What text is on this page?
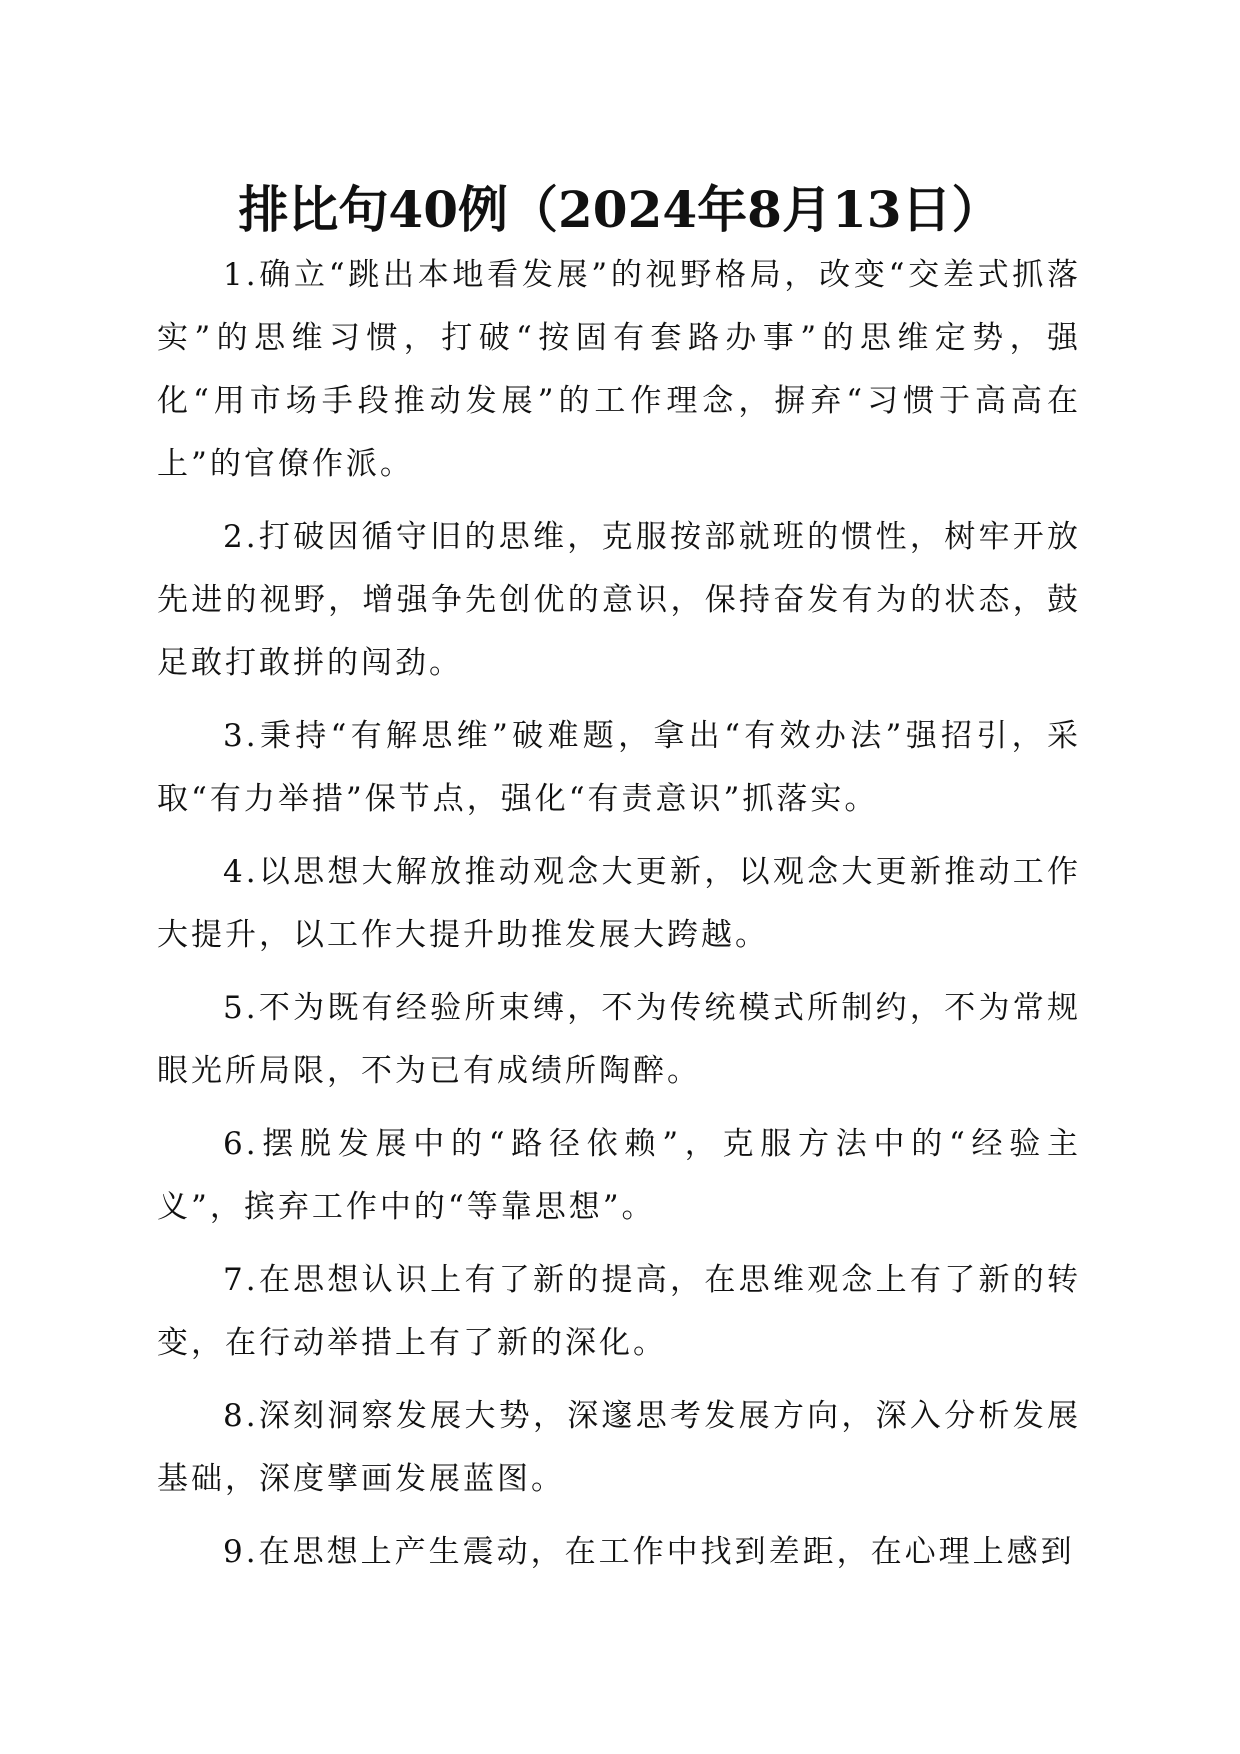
排比句40例（2024年8月13日）

1.确立“跳出本地看发展”的视野格局，改变“交差式抓落实”的思维习惯，打破“按固有套路办事”的思维定势，强化“用市场手段推动发展”的工作理念，摒弃“习惯于高高在上”的官僚作派。

2.打破因循守旧的思维，克服按部就班的惯性，树牢开放先进的视野，增强争先创优的意识，保持奋发有为的状态，鼓足敢打敢拼的闯劲。

3.秉持“有解思维”破难题，拿出“有效办法”强招引，采取“有力举措”保节点，强化“有责意识”抓落实。

4.以思想大解放推动观念大更新，以观念大更新推动工作大提升，以工作大提升助推发展大跨越。

5.不为既有经验所束缚，不为传统模式所制约，不为常规眼光所局限，不为已有成绩所陶醉。

6.摆脱发展中的“路径依赖”，克服方法中的“经验主义”，摈弃工作中的“等靠思想”。

7.在思想认识上有了新的提高，在思维观念上有了新的转变，在行动举措上有了新的深化。

8.深刻洞察发展大势，深邃思考发展方向，深入分析发展基础，深度擘画发展蓝图。

9.在思想上产生震动，在工作中找到差距，在心理上感到
